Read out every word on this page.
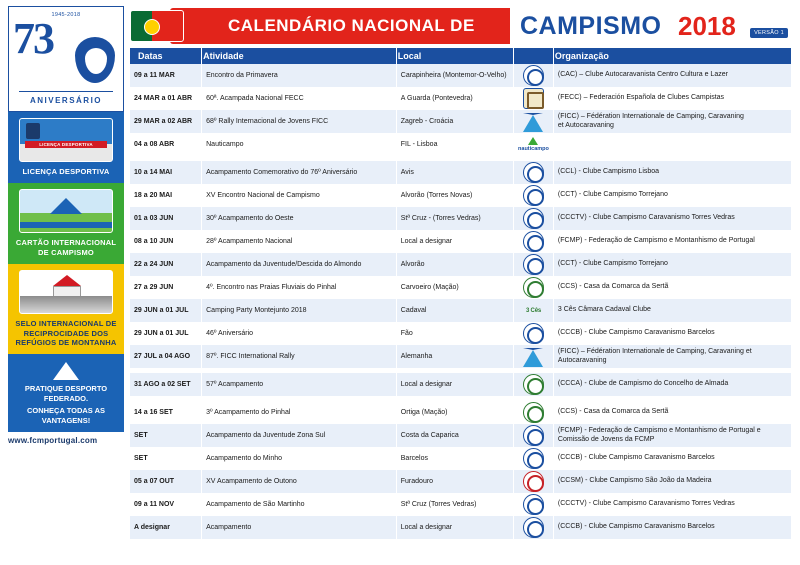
1945-2018
73
ANIVERSÁRIO
LICENÇA DESPORTIVA
LICENÇA DESPORTIVA
CARTÃO INTERNACIONAL DE CAMPISMO
SELO INTERNACIONAL DE RECIPROCIDADE DOS REFÚGIOS DE MONTANHA
PRATIQUE DESPORTO FEDERADO.
CONHEÇA TODAS AS VANTAGENS!
www.fcmportugal.com
CALENDÁRIO NACIONAL DE CAMPISMO 2018	VERSÃO 1
Datas	Atividade	Local		Organização
09 a 11 MAR	Encontro da Primavera	Carapinheira (Montemor-O-Velho)		(CAC) – Clube Autocaravanista Centro Cultura e Lazer

24 MAR a 01 ABR	60ª. Acampada Nacional FECC	A Guarda (Pontevedra)		(FECC) – Federación Española de Clubes Campistas

29 MAR a 02 ABR	68º Rally Internacional de Jovens FICC	Zagreb - Croácia		(FICC) – Fédération Internationale de Camping, Caravaning
et Autocaravaning

04 a 08 ABR	Nauticampo	FIL - Lisboa	nauticampo	

10 a 14 MAI	Acampamento Comemorativo do 76º Aniversário	Avis		(CCL) - Clube Campismo Lisboa

18 a 20 MAI	XV Encontro Nacional de Campismo	Alvorão (Torres Novas)		(CCT) - Clube Campismo Torrejano

01 a 03 JUN	30º Acampamento do Oeste	Stª Cruz - (Torres Vedras)		(CCCTV) - Clube Campismo Caravanismo Torres Vedras

08 a 10 JUN	28º Acampamento Nacional	Local a designar		(FCMP) - Federação de Campismo e Montanhismo de Portugal

22 a 24 JUN	Acampamento da Juventude/Descida do Almondo	Alvorão		(CCT) - Clube Campismo Torrejano

27 a 29 JUN	4º. Encontro nas Praias Fluviais do Pinhal	Carvoeiro (Mação)		(CCS) - Casa da Comarca da Sertã

29 JUN a 01 JUL	Camping Party Montejunto 2018	Cadaval	3 Cês	3 Cês Câmara Cadaval Clube

29 JUN a 01 JUL	46º Aniversário	Fão		(CCCB) - Clube Campismo Caravanismo Barcelos

27 JUL a 04 AGO	87º. FICC International Rally	Alemanha		(FICC) – Fédération Internationale de Camping, Caravaning et
Autocaravaning

31 AGO a 02 SET	57º Acampamento	Local a designar		(CCCA) - Clube de Campismo do Concelho de Almada

14 a 16 SET	3º Acampamento do Pinhal	Ortiga (Mação)		(CCS) - Casa da Comarca da Sertã

SET	Acampamento da Juventude Zona Sul	Costa da Caparica		(FCMP) - Federação de Campismo e Montanhismo de Portugal e
Comissão de Jovens da FCMP

SET	Acampamento do Minho	Barcelos		(CCCB) - Clube Campismo Caravanismo Barcelos

05 a 07 OUT	XV Acampamento de Outono	Furadouro		(CCSM) - Clube Campismo São João da Madeira

09 a 11 NOV	Acampamento de São Martinho	Stª Cruz (Torres Vedras)		(CCCTV) - Clube Campismo Caravanismo Torres Vedras

A designar	Acampamento	Local a designar		(CCCB) - Clube Campismo Caravanismo Barcelos
